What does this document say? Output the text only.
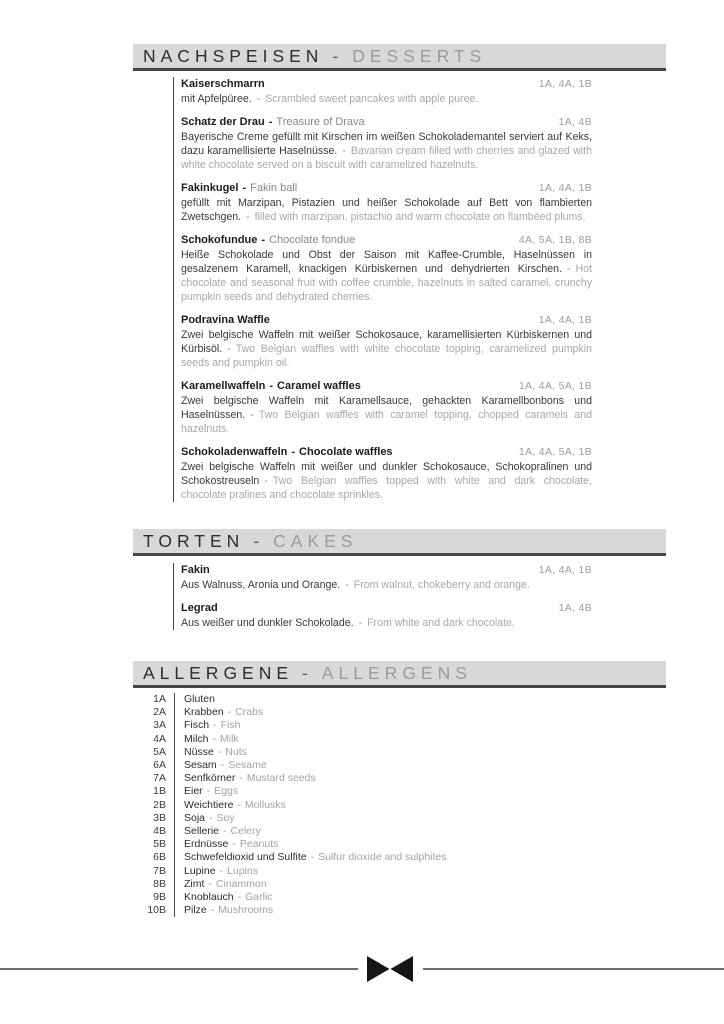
NACHSPEISEN - DESSERTS
Kaiserschmarrn	1A, 4A, 1B

mit Apfelpüree. - Scrambled sweet pancakes with apple puree.

Schatz der Drau - Treasure of Drava	1A, 4B

Bayerische Creme gefüllt mit Kirschen im weißen Schokolademantel serviert auf Keks, dazu karamellisierte Haselnüsse. - Bavarian cream filled with cherries and glazed with white chocolate served on a biscuit with caramelized hazelnuts.

Fakinkugel - Fakin ball	1A, 4A, 1B

gefüllt mit Marzipan, Pistazien und heißer Schokolade auf Bett von flambierten Zwetschgen. - filled with marzipan, pistachio and warm chocolate on flambéed plums.

Schokofundue - Chocolate fondue	4A, 5A, 1B, 8B

Heiße Schokolade und Obst der Saison mit Kaffee-Crumble, Haselnüssen in gesalzenem Karamell, knackigen Kürbiskernen und dehydrierten Kirschen. - Hot chocolate and seasonal fruit with coffee crumble, hazelnuts in salted caramel, crunchy pumpkin seeds and dehydrated cherries.

Podravina Waffle	1A, 4A, 1B

Zwei belgische Waffeln mit weißer Schokosauce, karamellisierten Kürbiskernen und Kürbisöl. - Two Belgian waffles with white chocolate topping, caramelized pumpkin seeds and pumpkin oil.

Karamellwaffeln - Caramel waffles	1A, 4A, 5A, 1B

Zwei belgische Waffeln mit Karamellsauce, gehackten Karamellbonbons und Haselnüssen. - Two Belgian waffles with caramel topping, chopped caramels and hazelnuts.

Schokoladenwaffeln - Chocolate waffles	1A, 4A, 5A, 1B

Zwei belgische Waffeln mit weißer und dunkler Schokosauce, Schokopralinen und Schokostreuseln - Two Belgian waffles topped with white and dark chocolate, chocolate pralines and chocolate sprinkles.

TORTEN - CAKES
Fakin	1A, 4A, 1B

Aus Walnuss, Aronia und Orange. - From walnut, chokeberry and orange.

Legrad	1A, 4B

Aus weißer und dunkler Schokolade. - From white and dark chocolate.

ALLERGENE - ALLERGENS
1A	Gluten
2A	Krabben - Crabs
3A	Fisch - Fish
4A	Milch - Milk
5A	Nüsse - Nuts
6A	Sesam - Sesame
7A	Senfkörner - Mustard seeds
1B	Eier - Eggs
2B	Weichtiere - Mollusks
3B	Soja - Soy
4B	Sellerie - Celery
5B	Erdnüsse - Peanuts
6B	Schwefeldioxid und Sulfite - Sulfur dioxide and sulphites
7B	Lupine - Lupins
8B	Zimt - Cinammon
9B	Knoblauch - Garlic
10B	Pilze - Mushrooms
